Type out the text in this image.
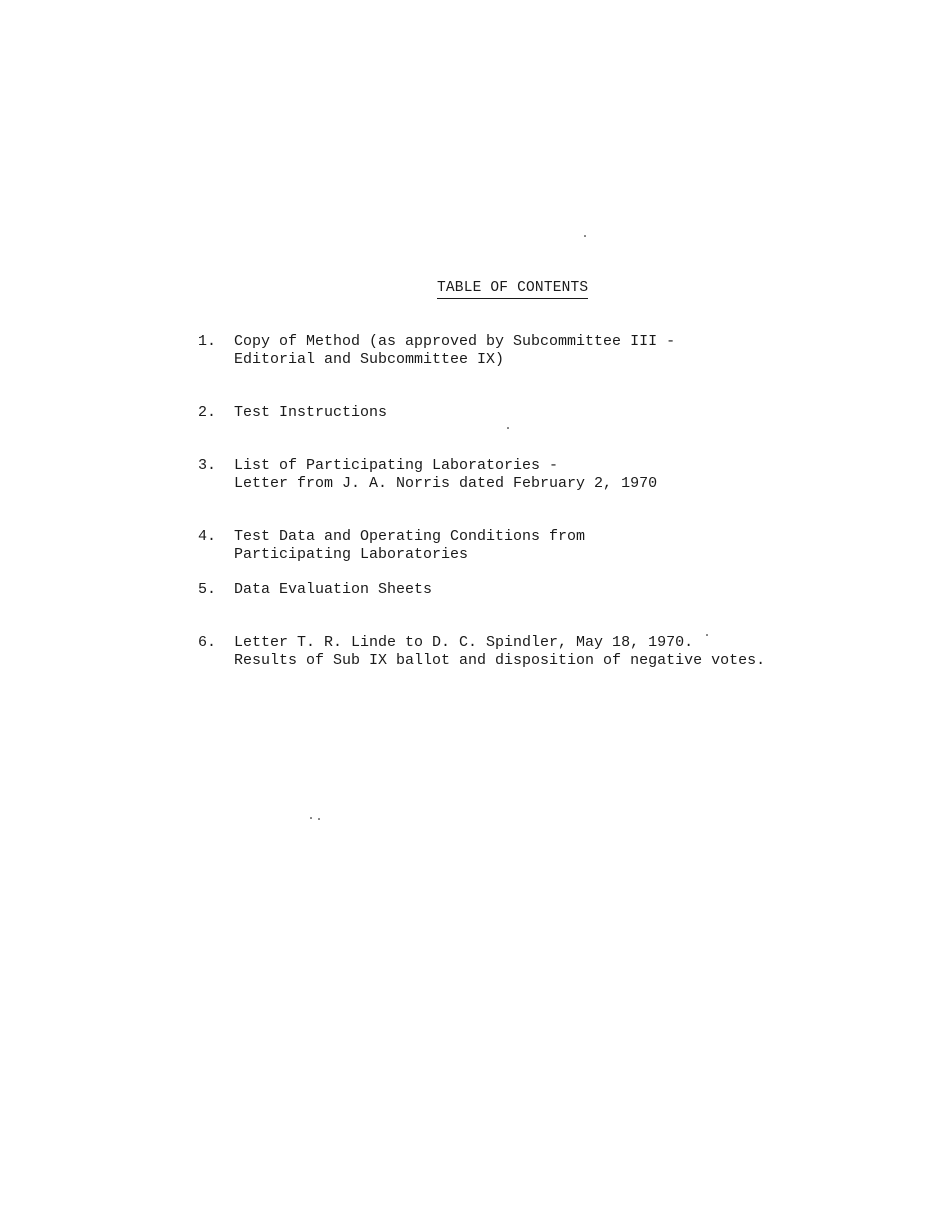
TABLE OF CONTENTS
1.	Copy of Method (as approved by Subcommittee III -
Editorial and Subcommittee IX)
2.	Test Instructions
3.	List of Participating Laboratories -
Letter from J. A. Norris dated February 2, 1970
4.	Test Data and Operating Conditions from
Participating Laboratories
5.	Data Evaluation Sheets
6.	Letter T. R. Linde to D. C. Spindler, May 18, 1970.
Results of Sub IX ballot and disposition of negative votes.
